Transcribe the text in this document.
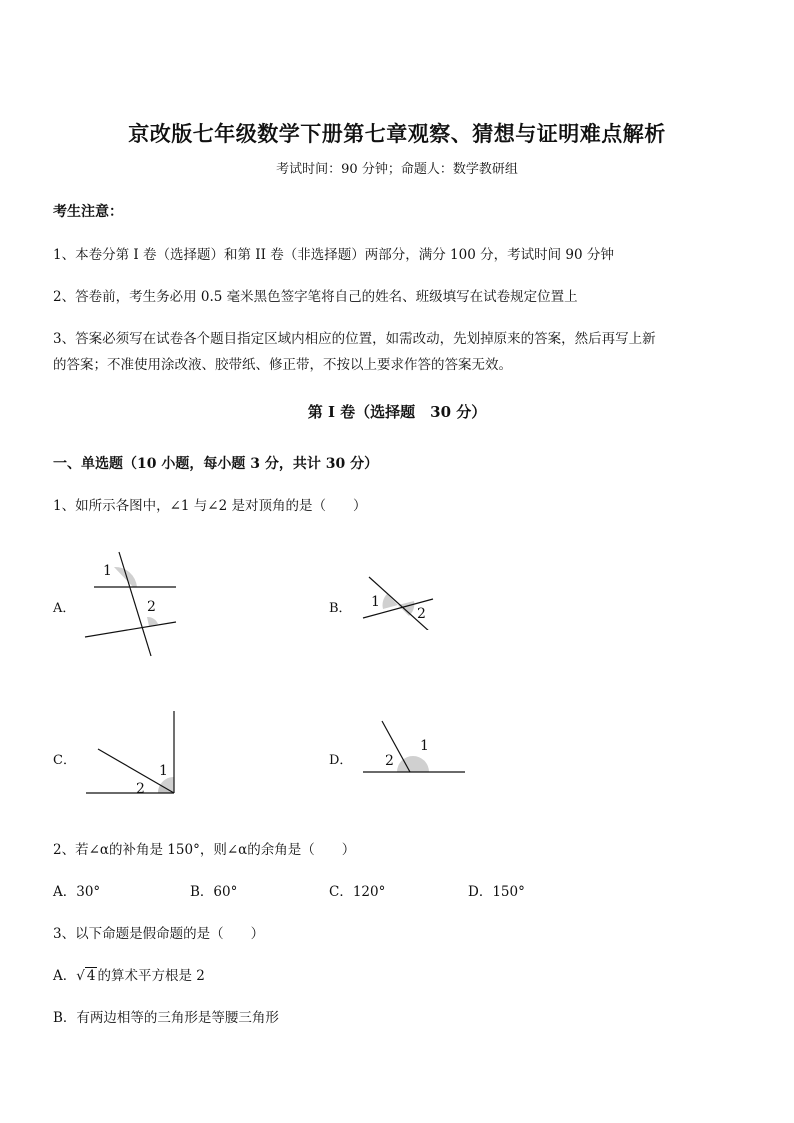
京改版七年级数学下册第七章观察、猜想与证明难点解析
考试时间：90 分钟；命题人：数学教研组
考生注意：
1、本卷分第 I 卷（选择题）和第 II 卷（非选择题）两部分，满分 100 分，考试时间 90 分钟
2、答卷前，考生务必用 0.5 毫米黑色签字笔将自己的姓名、班级填写在试卷规定位置上
3、答案必须写在试卷各个题目指定区域内相应的位置，如需改动，先划掉原来的答案，然后再写上新
的答案；不准使用涂改液、胶带纸、修正带，不按以上要求作答的答案无效。
第 I 卷（选择题　30 分）
一、单选题（10 小题，每小题 3 分，共计 30 分）
1、如所示各图中，∠1 与∠2 是对顶角的是（　　）
A．	B．
C．	D．
1
2	1
2
1
2
1
2
2、若∠α的补角是 150°，则∠α的余角是（　　）
A．30°	B．60°	C．120°	D．150°
3、以下命题是假命题的是（　　）
A．√ 4 的算术平方根是 2
B．有两边相等的三角形是等腰三角形
